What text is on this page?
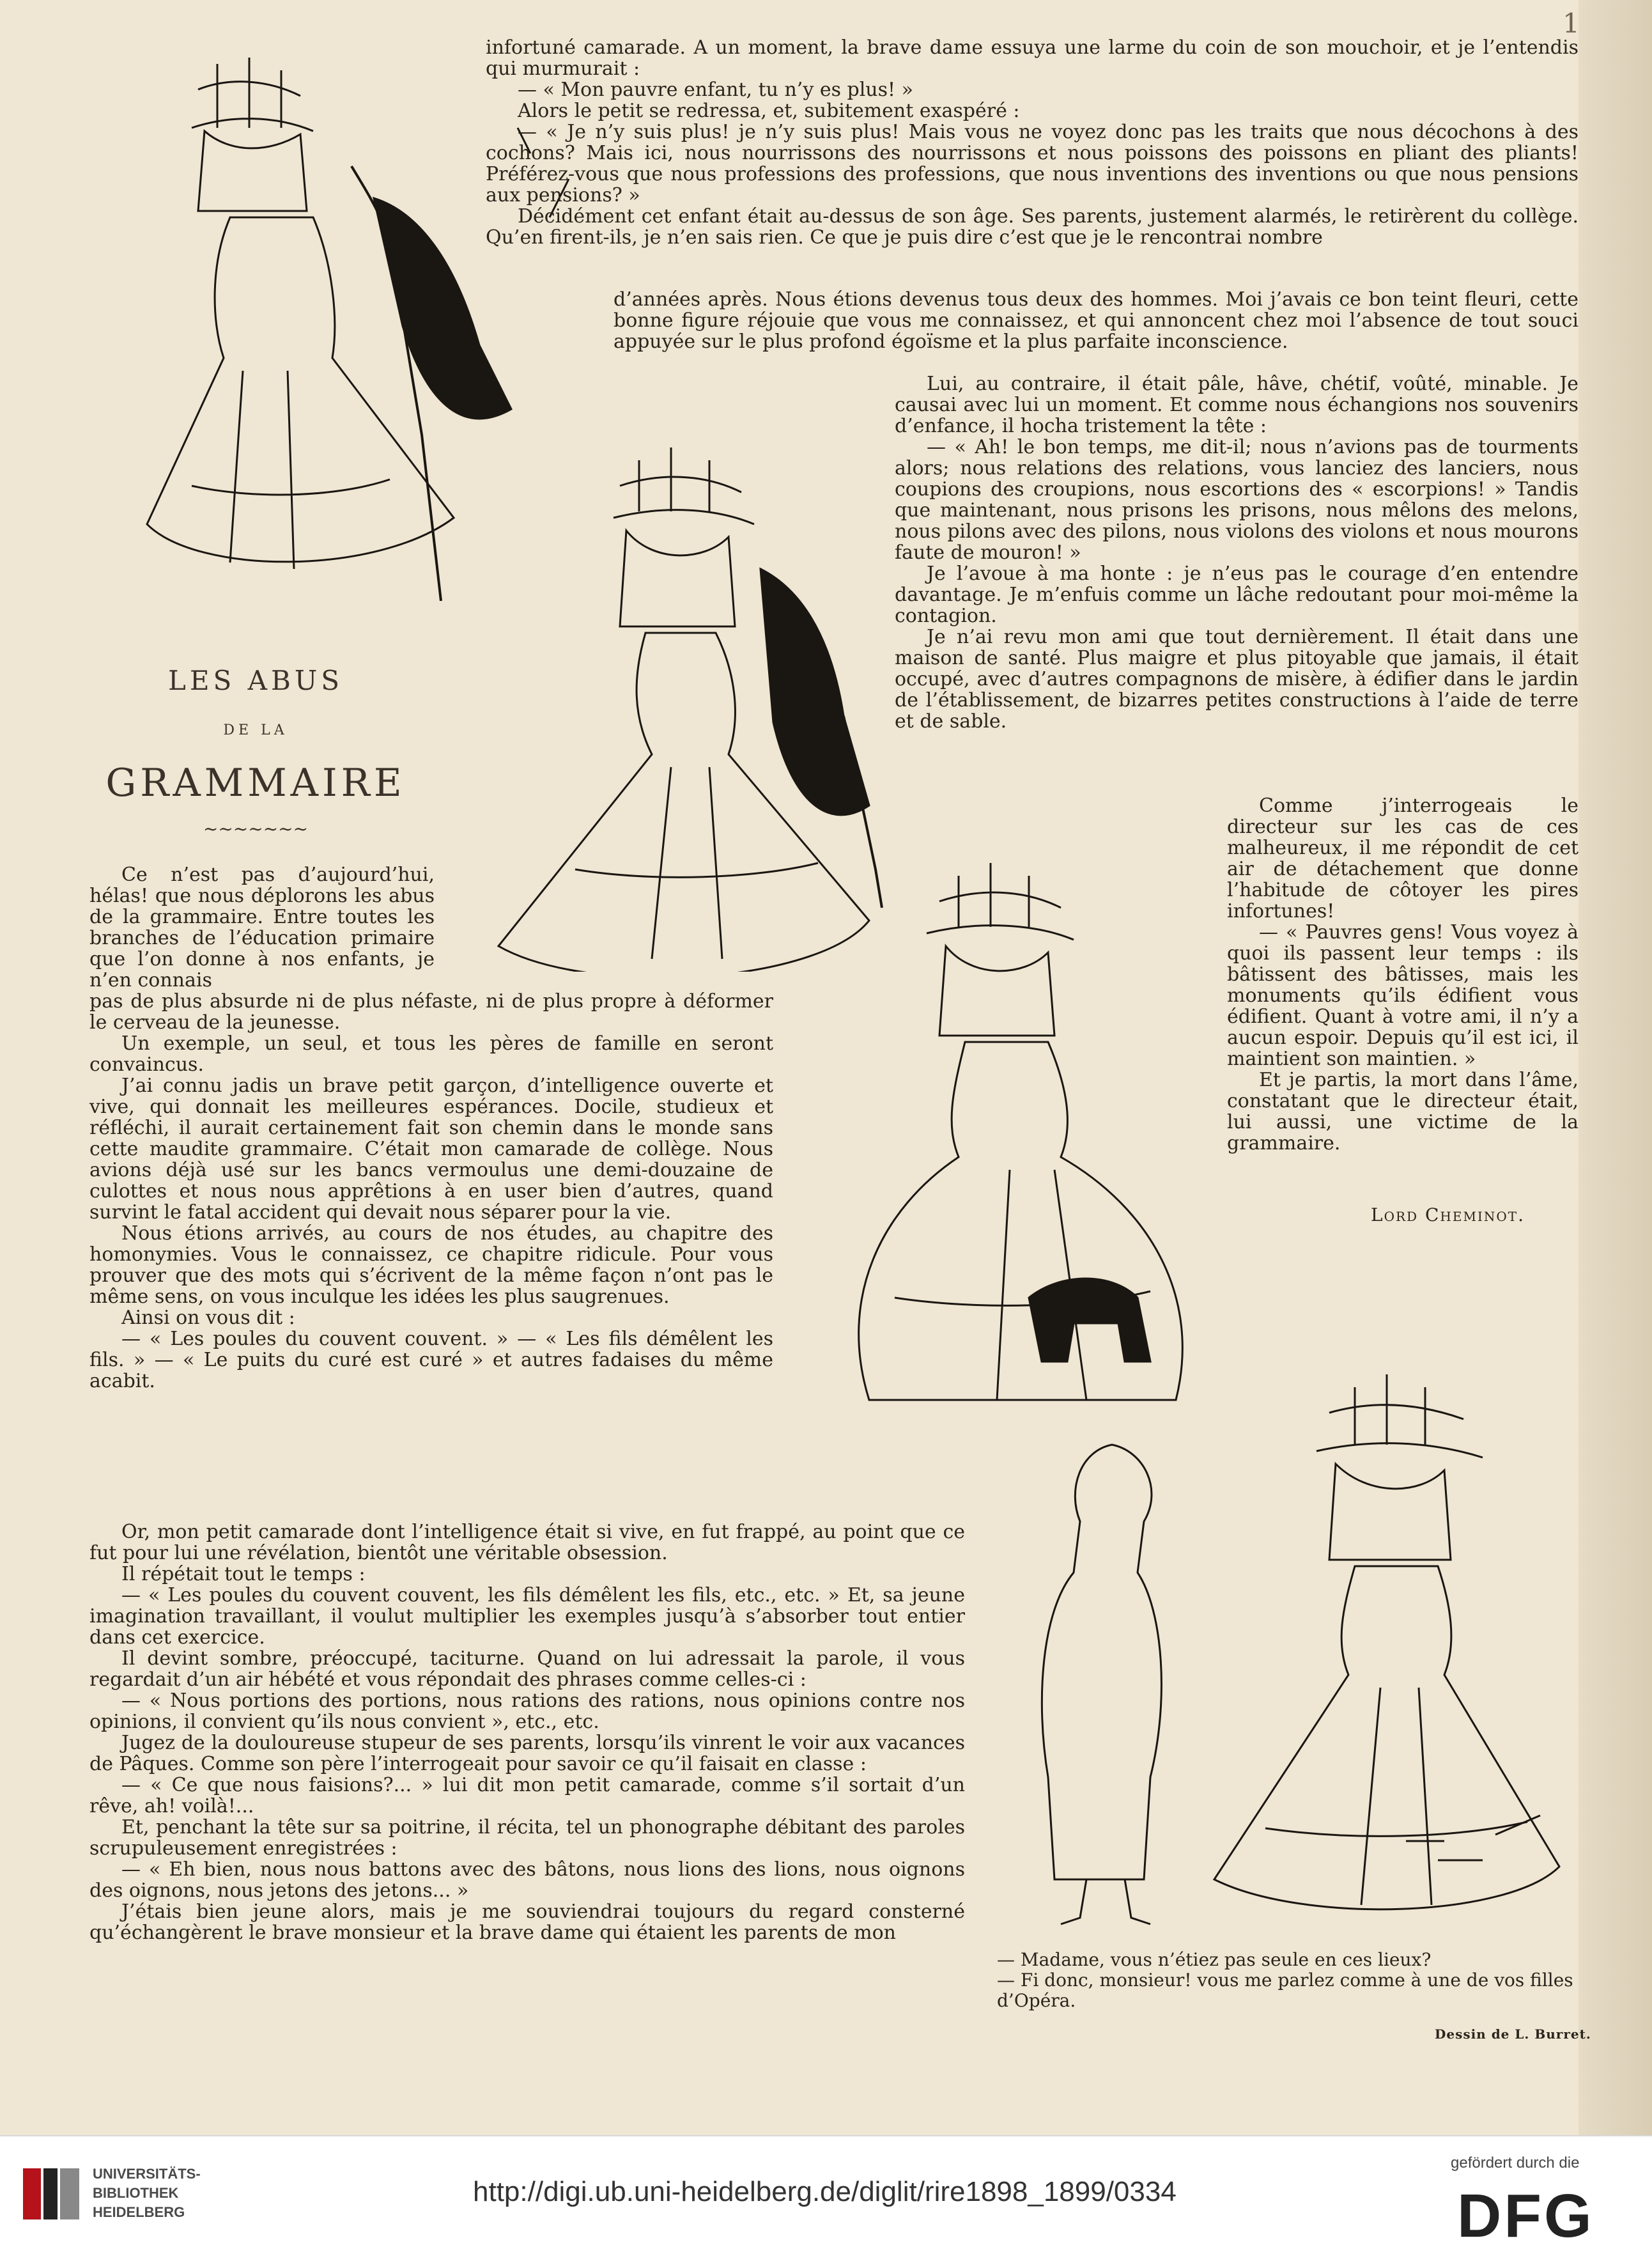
1

infortuné camarade. A un moment, la brave dame essuya une larme du coin de son mouchoir, et je l’entendis qui murmurait :

— « Mon pauvre enfant, tu n’y es plus! »

Alors le petit se redressa, et, subitement exaspéré :

— « Je n’y suis plus! je n’y suis plus! Mais vous ne voyez donc pas les traits que nous décochons à des cochons? Mais ici, nous nourrissons des nourrissons et nous poissons des poissons en pliant des pliants! Préférez-vous que nous professions des professions, que nous inventions des inventions ou que nous pensions aux pensions? »

Décidément cet enfant était au-dessus de son âge. Ses parents, justement alarmés, le retirèrent du collège. Qu’en firent-ils, je n’en sais rien. Ce que je puis dire c’est que je le rencontrai nombre

d’années après. Nous étions devenus tous deux des hommes. Moi j’avais ce bon teint fleuri, cette bonne figure réjouie que vous me connaissez, et qui annoncent chez moi l’absence de tout souci appuyée sur le plus profond égoïsme et la plus parfaite inconscience.

Lui, au contraire, il était pâle, hâve, chétif, voûté, minable. Je causai avec lui un moment. Et comme nous échangions nos souvenirs d’enfance, il hocha tristement la tête :

— « Ah! le bon temps, me dit-il; nous n’avions pas de tourments alors; nous relations des relations, vous lanciez des lanciers, nous coupions des croupions, nous escortions des « escorpions! » Tandis que maintenant, nous prisons les prisons, nous mêlons des melons, nous pilons avec des pilons, nous violons des violons et nous mourons faute de mouron! »

Je l’avoue à ma honte : je n’eus pas le courage d’en entendre davantage. Je m’enfuis comme un lâche redoutant pour moi-même la contagion.

Je n’ai revu mon ami que tout dernièrement. Il était dans une maison de santé. Plus maigre et plus pitoyable que jamais, il était occupé, avec d’autres compagnons de misère, à édifier dans le jardin de l’établissement, de bizarres petites constructions à l’aide de terre et de sable.

Comme j’interrogeais le directeur sur les cas de ces malheureux, il me répondit de cet air de détachement que donne l’habitude de côtoyer les pires infortunes!

— « Pauvres gens! Vous voyez à quoi ils passent leur temps : ils bâtissent des bâtisses, mais les monuments qu’ils édifient vous édifient. Quant à votre ami, il n’y a aucun espoir. Depuis qu’il est ici, il maintient son maintien. »

Et je partis, la mort dans l’âme, constatant que le directeur était, lui aussi, une victime de la grammaire.

Lord Cheminot.
LES ABUS
DE LA
GRAMMAIRE
~~~~~~~

Ce n’est pas d’aujourd’hui, hélas! que nous déplorons les abus de la grammaire. Entre toutes les branches de l’éducation primaire que l’on donne à nos enfants, je n’en connais

pas de plus absurde ni de plus néfaste, ni de plus propre à déformer le cerveau de la jeunesse.

Un exemple, un seul, et tous les pères de famille en seront convaincus.

J’ai connu jadis un brave petit garçon, d’intelligence ouverte et vive, qui donnait les meilleures espérances. Docile, studieux et réfléchi, il aurait certainement fait son chemin dans le monde sans cette maudite grammaire. C’était mon camarade de collège. Nous avions déjà usé sur les bancs vermoulus une demi-douzaine de culottes et nous nous apprêtions à en user bien d’autres, quand survint le fatal accident qui devait nous séparer pour la vie.

Nous étions arrivés, au cours de nos études, au chapitre des homonymies. Vous le connaissez, ce chapitre ridicule. Pour vous prouver que des mots qui s’écrivent de la même façon n’ont pas le même sens, on vous inculque les idées les plus saugrenues.

Ainsi on vous dit :

— « Les poules du couvent couvent. » — « Les fils démêlent les fils. » — « Le puits du curé est curé » et autres fadaises du même acabit.

Or, mon petit camarade dont l’intelligence était si vive, en fut frappé, au point que ce fut pour lui une révélation, bientôt une véritable obsession.

Il répétait tout le temps :

— « Les poules du couvent couvent, les fils démêlent les fils, etc., etc. » Et, sa jeune imagination travaillant, il voulut multiplier les exemples jusqu’à s’absorber tout entier dans cet exercice.

Il devint sombre, préoccupé, taciturne. Quand on lui adressait la parole, il vous regardait d’un air hébété et vous répondait des phrases comme celles-ci :

— « Nous portions des portions, nous rations des rations, nous opinions contre nos opinions, il convient qu’ils nous convient », etc., etc.

Jugez de la douloureuse stupeur de ses parents, lorsqu’ils vinrent le voir aux vacances de Pâques. Comme son père l’interrogeait pour savoir ce qu’il faisait en classe :

— « Ce que nous faisions?... » lui dit mon petit camarade, comme s’il sortait d’un rêve, ah! voilà!...

Et, penchant la tête sur sa poitrine, il récita, tel un phonographe débitant des paroles scrupuleusement enregistrées :

— « Eh bien, nous nous battons avec des bâtons, nous lions des lions, nous oignons des oignons, nous jetons des jetons... »

J’étais bien jeune alors, mais je me souviendrai toujours du regard consterné qu’échangèrent le brave monsieur et la brave dame qui étaient les parents de mon

— Madame, vous n’étiez pas seule en ces lieux?
— Fi donc, monsieur! vous me parlez comme à une de vos filles d’Opéra.
Dessin de L. Burret.
UNIVERSITÄTS-
BIBLIOTHEK
HEIDELBERG
http://digi.ub.uni-heidelberg.de/diglit/rire1898_1899/0334
gefördert durch die
DFG
